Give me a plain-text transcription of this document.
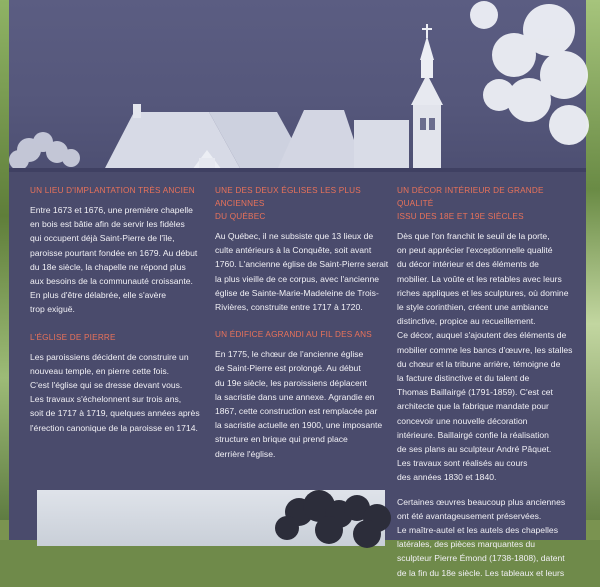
UN LIEU D'IMPLANTATION TRÈS ANCIEN
Entre 1673 et 1676, une première chapelle
en bois est bâtie afin de servir les fidèles
qui occupent déjà Saint-Pierre de l'île,
paroisse pourtant fondée en 1679. Au début
du 18e siècle, la chapelle ne répond plus
aux besoins de la communauté croissante.
En plus d'être délabrée, elle s'avère
trop exiguë.
L'ÉGLISE DE PIERRE
Les paroissiens décident de construire un
nouveau temple, en pierre cette fois.
C'est l'église qui se dresse devant vous.
Les travaux s'échelonnent sur trois ans,
soit de 1717 à 1719, quelques années après
l'érection canonique de la paroisse en 1714.
UNE DES DEUX ÉGLISES LES PLUS ANCIENNES
DU QUÉBEC
Au Québec, il ne subsiste que 13 lieux de
culte antérieurs à la Conquête, soit avant
1760. L'ancienne église de Saint-Pierre serait
la plus vieille de ce corpus, avec l'ancienne
église de Sainte-Marie-Madeleine de Trois-
Rivières, construite entre 1717 à 1720.
UN ÉDIFICE AGRANDI AU FIL DES ANS
En 1775, le chœur de l'ancienne église
de Saint-Pierre est prolongé. Au début
du 19e siècle, les paroissiens déplacent
la sacristie dans une annexe. Agrandie en
1867, cette construction est remplacée par
la sacristie actuelle en 1900, une imposante
structure en brique qui prend place
derrière l'église.
UN DÉCOR INTÉRIEUR DE GRANDE QUALITÉ
ISSU DES 18E ET 19E SIÈCLES
Dès que l'on franchit le seuil de la porte,
on peut apprécier l'exceptionnelle qualité
du décor intérieur et des éléments de
mobilier. La voûte et les retables avec leurs
riches appliques et les sculptures, où domine
le style corinthien, créent une ambiance
distinctive, propice au recueillement.
Ce décor, auquel s'ajoutent des éléments de
mobilier comme les bancs d'œuvre, les stalles
du chœur et la tribune arrière, témoigne de
la facture distinctive et du talent de
Thomas Baillairgé (1791-1859). C'est cet
architecte que la fabrique mandate pour
concevoir une nouvelle décoration
intérieure. Baillairgé confie la réalisation
de ses plans au sculpteur André Pâquet.
Les travaux sont réalisés au cours
des années 1830 et 1840.
Certaines œuvres beaucoup plus anciennes
ont été avantageusement préservées.
Le maître-autel et les autels des chapelles
latérales, des pièces marquantes du
sculpteur Pierre Émond (1738-1808), datent
de la fin du 18e siècle. Les tableaux et leurs
